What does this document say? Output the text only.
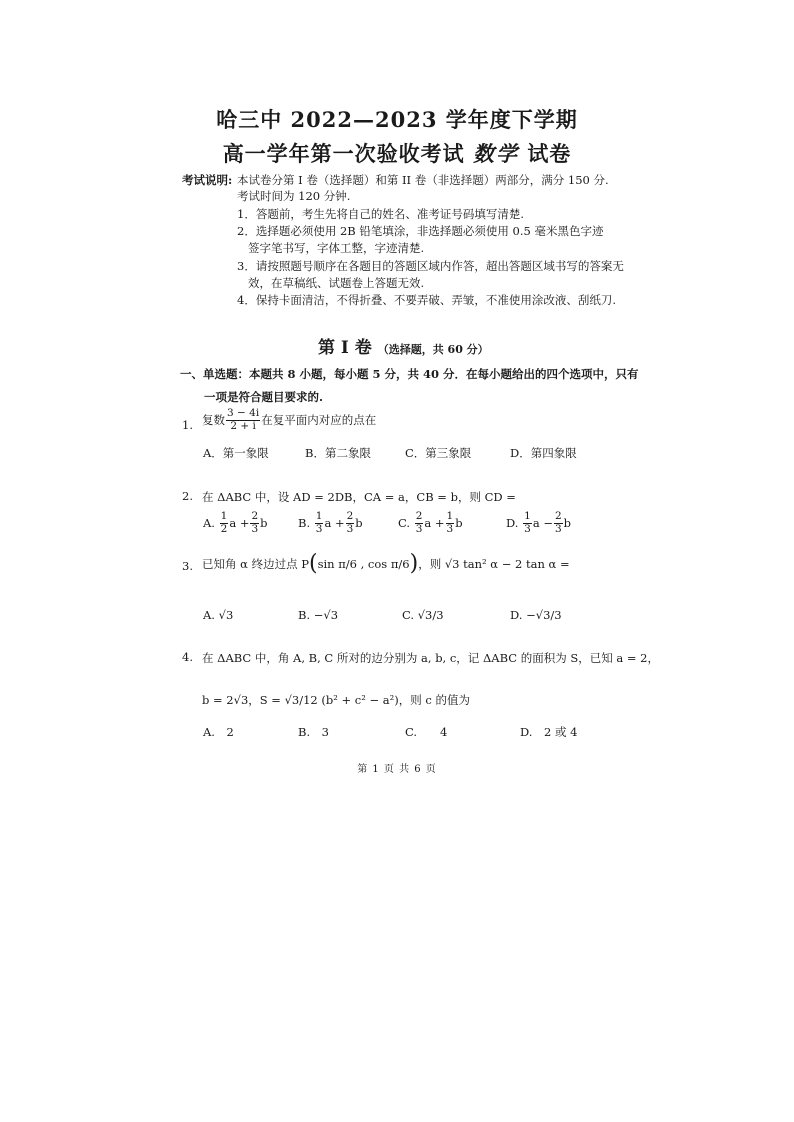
哈三中 2022—2023 学年度下学期
高一学年第一次验收考试 数学 试卷
考试说明: 本试卷分第 I 卷（选择题）和第 II 卷（非选择题）两部分，满分 150 分.
考试时间为 120 分钟.
1．答题前，考生先将自己的姓名、准考证号码填写清楚.
2．选择题必须使用 2B 铅笔填涂，非选择题必须使用 0.5 毫米黑色字迹
签字笔书写，字体工整，字迹清楚.
3．请按照题号顺序在各题目的答题区域内作答，超出答题区域书写的答案无
效，在草稿纸、试题卷上答题无效.
4．保持卡面清洁，不得折叠、不要弄破、弄皱，不准使用涂改液、刮纸刀.
第 I 卷 （选择题，共 60 分）
一、单选题：本题共 8 小题，每小题 5 分，共 40 分．在每小题给出的四个选项中，只有
一项是符合题目要求的.
1. 复数 $\frac{3 - 4i}{2 + i}$ 在复平面内对应的点在
A．第一象限	B．第二象限	C．第三象限	D．第四象限
2. 在 ΔABC 中，设 AD = 2DB，CA = a，CB = b，则 CD =
A.
$\frac{1}{2}$ $a + \frac{2}{3}$ b	B.
$\frac{1}{3}$ $a + \frac{2}{3}$ b	C.
$\frac{2}{3}$ $a + \frac{1}{3}$ b	D.
$\frac{1}{3}$ $a - \frac{2}{3}$ b
3. 已知角 α 终边过点 P ( sin π/6 , cos π/6 ) ，则 √3 tan² α − 2 tan α =
A. √3	B. −√3	C. √3/3	D. −√3/3
4. 在 ΔABC 中，角 A, B, C 所对的边分别为 a, b, c，记 ΔABC 的面积为 S，已知 a = 2，
b = 2√3，S = √3/12 (b² + c² − a²)，则 c 的值为
A.　2	B.　3	C.　　4	D.　2 或 4
第 1 页 共 6 页
